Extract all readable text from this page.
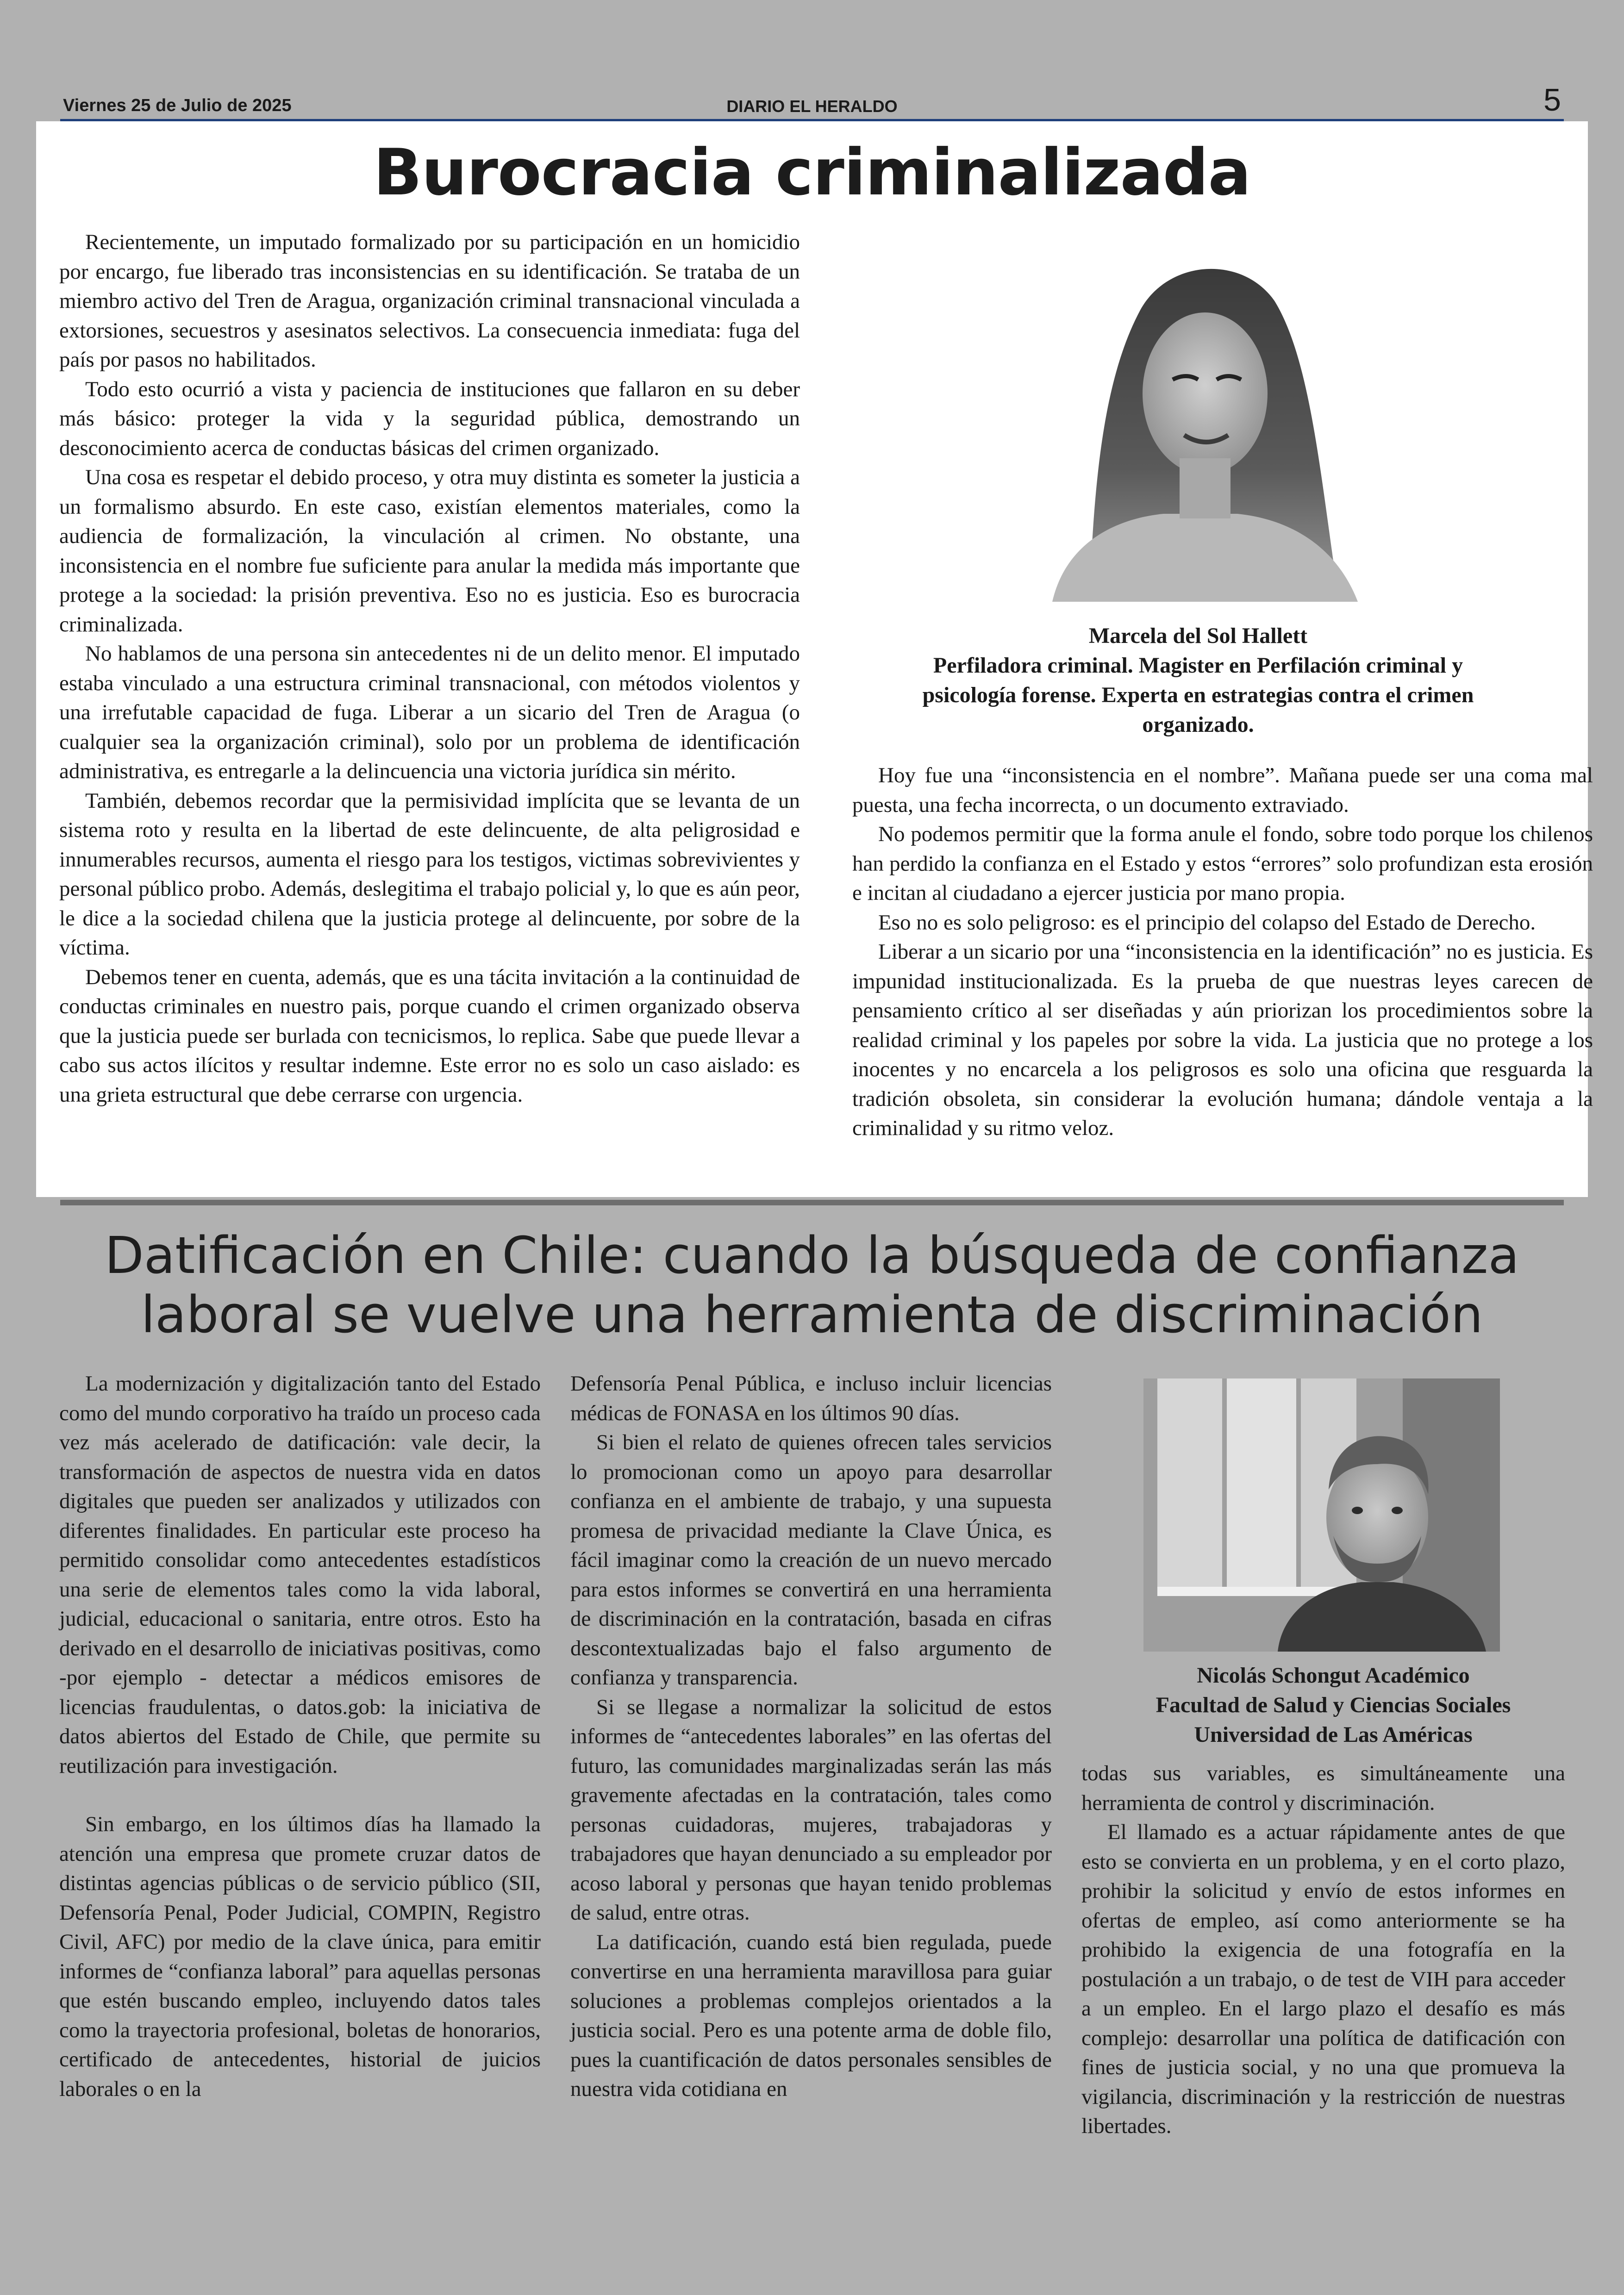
Viernes 25 de Julio de 2025	DIARIO EL HERALDO	5
Burocracia criminalizada

Recientemente, un imputado formalizado por su participación en un homicidio por encargo, fue liberado tras inconsistencias en su identificación. Se trataba de un miembro activo del Tren de Aragua, organización criminal transnacional vinculada a extorsiones, secuestros y asesinatos selectivos. La consecuencia inmediata: fuga del país por pasos no habilitados.

Todo esto ocurrió a vista y paciencia de instituciones que fallaron en su deber más básico: proteger la vida y la seguridad pública, demostrando un desconocimiento acerca de conductas básicas del crimen organizado.

Una cosa es respetar el debido proceso, y otra muy distinta es someter la justicia a un formalismo absurdo. En este caso, existían elementos materiales, como la audiencia de formalización, la vinculación al crimen. No obstante, una inconsistencia en el nombre fue suficiente para anular la medida más importante que protege a la sociedad: la prisión preventiva. Eso no es justicia. Eso es burocracia criminalizada.

No hablamos de una persona sin antecedentes ni de un delito menor. El imputado estaba vinculado a una estructura criminal transnacional, con métodos violentos y una irrefutable capacidad de fuga. Liberar a un sicario del Tren de Aragua (o cualquier sea la organización criminal), solo por un problema de identificación administrativa, es entregarle a la delincuencia una victoria jurídica sin mérito.

También, debemos recordar que la permisividad implícita que se levanta de un sistema roto y resulta en la libertad de este delincuente, de alta peligrosidad e innumerables recursos, aumenta el riesgo para los testigos, victimas sobrevivientes y personal público probo. Además, deslegitima el trabajo policial y, lo que es aún peor, le dice a la sociedad chilena que la justicia protege al delincuente, por sobre de la víctima.

Debemos tener en cuenta, además, que es una tácita invitación a la continuidad de conductas criminales en nuestro pais, porque cuando el crimen organizado observa que la justicia puede ser burlada con tecnicismos, lo replica. Sabe que puede llevar a cabo sus actos ilícitos y resultar indemne. Este error no es solo un caso aislado: es una grieta estructural que debe cerrarse con urgencia.

Marcela del Sol Hallett
Perfiladora criminal. Magister en Perfilación criminal y
psicología forense. Experta en estrategias contra el crimen
organizado.

Hoy fue una “inconsistencia en el nombre”. Mañana puede ser una coma mal puesta, una fecha incorrecta, o un documento extraviado.

No podemos permitir que la forma anule el fondo, sobre todo porque los chilenos han perdido la confianza en el Estado y estos “errores” solo profundizan esta erosión e incitan al ciudadano a ejercer justicia por mano propia.

Eso no es solo peligroso: es el principio del colapso del Estado de Derecho.

Liberar a un sicario por una “inconsistencia en la identificación” no es justicia. Es impunidad institucionalizada. Es la prueba de que nuestras leyes carecen de pensamiento crítico al ser diseñadas y aún priorizan los procedimientos sobre la realidad criminal y los papeles por sobre la vida. La justicia que no protege a los inocentes y no encarcela a los peligrosos es solo una oficina que resguarda la tradición obsoleta, sin considerar la evolución humana; dándole ventaja a la criminalidad y su ritmo veloz.

Datificación en Chile: cuando la búsqueda de confianza
laboral se vuelve una herramienta de discriminación

La modernización y digitalización tanto del Estado como del mundo corporativo ha traído un proceso cada vez más acelerado de datificación: vale decir, la transformación de aspectos de nuestra vida en datos digitales que pueden ser analizados y utilizados con diferentes finalidades. En particular este proceso ha permitido consolidar como antecedentes estadísticos una serie de elementos tales como la vida laboral, judicial, educacional o sanitaria, entre otros. Esto ha derivado en el desarrollo de iniciativas positivas, como -por ejemplo - detectar a médicos emisores de licencias fraudulentas, o datos.gob: la iniciativa de datos abiertos del Estado de Chile, que permite su reutilización para investigación.

Sin embargo, en los últimos días ha llamado la atención una empresa que promete cruzar datos de distintas agencias públicas o de servicio público (SII, Defensoría Penal, Poder Judicial, COMPIN, Registro Civil, AFC) por medio de la clave única, para emitir informes de “confianza laboral” para aquellas personas que estén buscando empleo, incluyendo datos tales como la trayectoria profesional, boletas de honorarios, certificado de antecedentes, historial de juicios laborales o en la

Defensoría Penal Pública, e incluso incluir licencias médicas de FONASA en los últimos 90 días.

Si bien el relato de quienes ofrecen tales servicios lo promocionan como un apoyo para desarrollar confianza en el ambiente de trabajo, y una supuesta promesa de privacidad mediante la Clave Única, es fácil imaginar como la creación de un nuevo mercado para estos informes se convertirá en una herramienta de discriminación en la contratación, basada en cifras descontextualizadas bajo el falso argumento de confianza y transparencia.

Si se llegase a normalizar la solicitud de estos informes de “antecedentes laborales” en las ofertas del futuro, las comunidades marginalizadas serán las más gravemente afectadas en la contratación, tales como personas cuidadoras, mujeres, trabajadoras y trabajadores que hayan denunciado a su empleador por acoso laboral y personas que hayan tenido problemas de salud, entre otras.

La datificación, cuando está bien regulada, puede convertirse en una herramienta maravillosa para guiar soluciones a problemas complejos orientados a la justicia social. Pero es una potente arma de doble filo, pues la cuantificación de datos personales sensibles de nuestra vida cotidiana en

Nicolás Schongut Académico
Facultad de Salud y Ciencias Sociales
Universidad de Las Américas

todas sus variables, es simultáneamente una herramienta de control y discriminación.

El llamado es a actuar rápidamente antes de que esto se convierta en un problema, y en el corto plazo, prohibir la solicitud y envío de estos informes en ofertas de empleo, así como anteriormente se ha prohibido la exigencia de una fotografía en la postulación a un trabajo, o de test de VIH para acceder a un empleo. En el largo plazo el desafío es más complejo: desarrollar una política de datificación con fines de justicia social, y no una que promueva la vigilancia, discriminación y la restricción de nuestras libertades.
